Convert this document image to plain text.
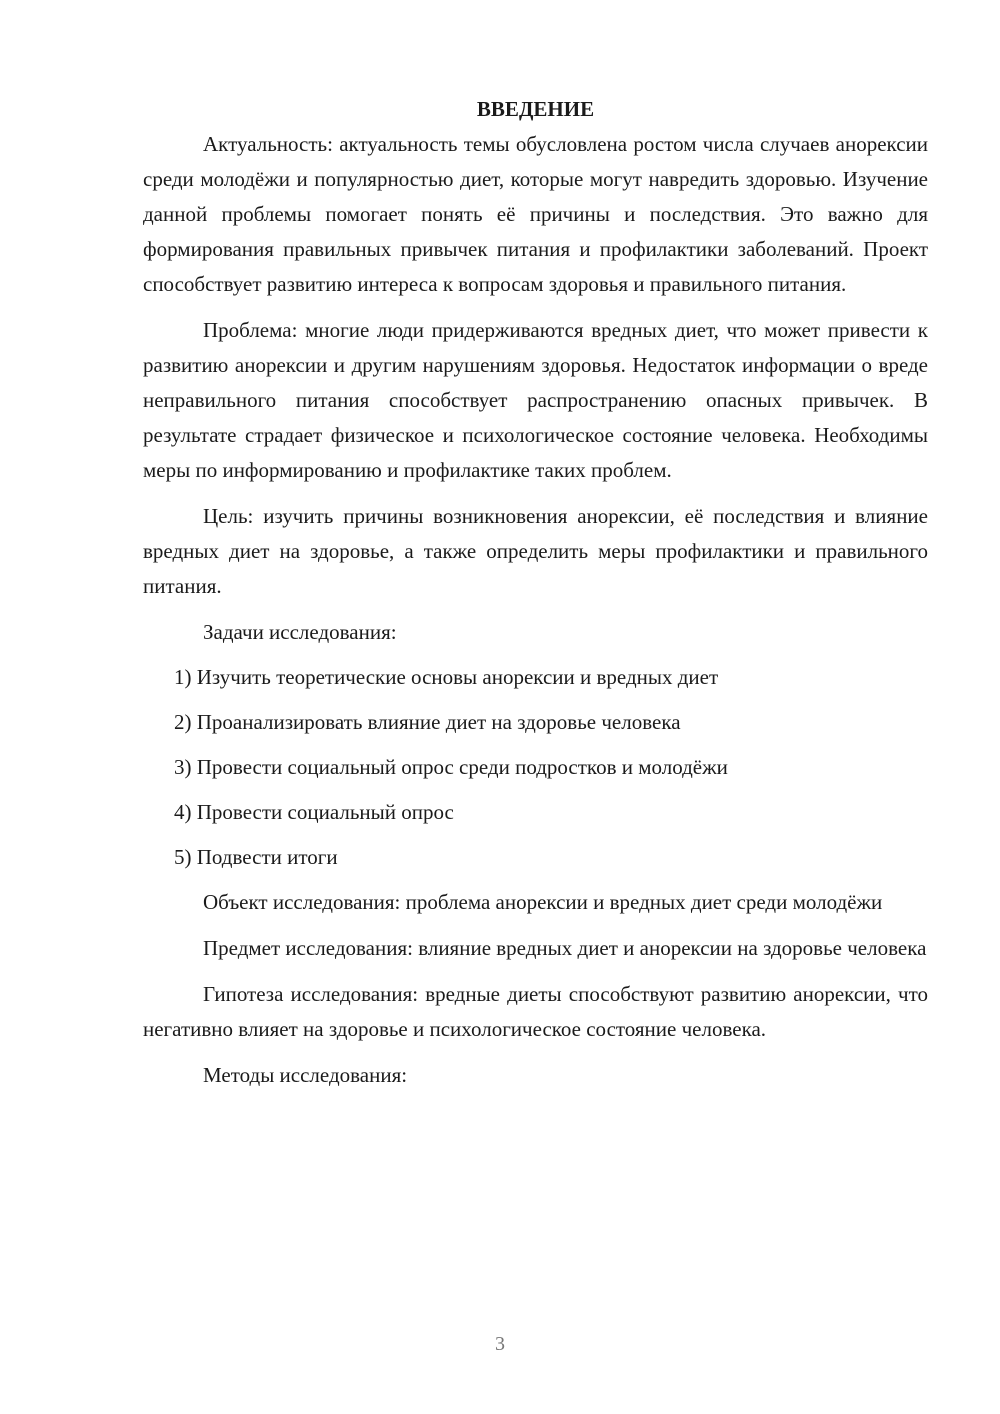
ВВЕДЕНИЕ

Актуальность: актуальность темы обусловлена ростом числа случаев анорексии среди молодёжи и популярностью диет, которые могут навредить здоровью. Изучение данной проблемы помогает понять её причины и последствия. Это важно для формирования правильных привычек питания и профилактики заболеваний. Проект способствует развитию интереса к вопросам здоровья и правильного питания.

Проблема: многие люди придерживаются вредных диет, что может привести к развитию анорексии и другим нарушениям здоровья. Недостаток информации о вреде неправильного питания способствует распространению опасных привычек. В результате страдает физическое и психологическое состояние человека. Необходимы меры по информированию и профилактике таких проблем.

Цель: изучить причины возникновения анорексии, её последствия и влияние вредных диет на здоровье, а также определить меры профилактики и правильного питания.

Задачи исследования:

1) Изучить теоретические основы анорексии и вредных диет
2) Проанализировать влияние диет на здоровье человека
3) Провести социальный опрос среди подростков и молодёжи
4) Провести социальный опрос
5) Подвести итоги

Объект исследования: проблема анорексии и вредных диет среди молодёжи

Предмет исследования: влияние вредных диет и анорексии на здоровье человека

Гипотеза исследования: вредные диеты способствуют развитию анорексии, что негативно влияет на здоровье и психологическое состояние человека.

Методы исследования:

3
